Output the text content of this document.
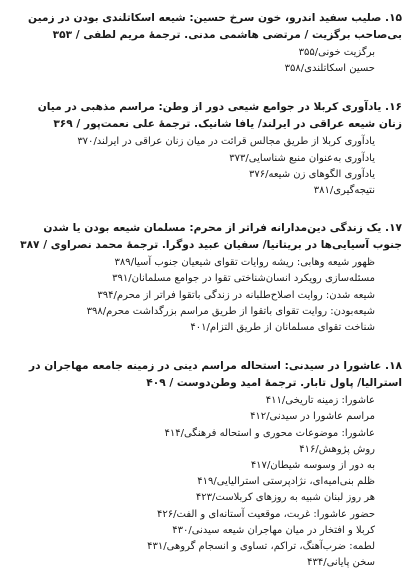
۱۵. صلیب سفید اندرو، خون سرخ حسین: شیعه اسکاتلندی بودن در زمین بی‌صاحب برگزیت / مرتضی هاشمی مدنی. ترجمهٔ مریم لطفی / ۳۵۳

برگزیت خونی/۳۵۵
حسین اسکاتلندی/۳۵۸

۱۶. یادآوری کربلا در جوامع شیعی دور از وطن: مراسم مذهبی در میان زنان شیعه عراقی در ایرلند/ یافا شانیک. ترجمهٔ علی نعمت‌پور / ۳۶۹

یادآوری کربلا از طریق مجالس قرائت در میان زنان عراقی در ایرلند/۳۷۰
یادآوری به‌عنوان منبع شناسایی/۳۷۳
یادآوری الگوهای زن شیعه/۳۷۶
نتیجه‌گیری/۳۸۱

۱۷. یک زندگی دین‌مدارانه فراتر از محرم: مسلمان شیعه بودن یا شدن جنوب آسیایی‌ها در بریتانیا/ سفیان عبید دوگرا. ترجمهٔ محمد نصراوی / ۳۸۷

ظهور شیعه وهابی: ریشه روایات تقوای شیعیان جنوب آسیا/۳۸۹
مسئله‌سازی رویکرد انسان‌شناختی تقوا در جوامع مسلمانان/۳۹۱
شیعه شدن: روایت اصلاح‌طلبانه در زندگی باتقوا فراتر از محرم/۳۹۴
شیعه‌بودن: روایت تقوای باتقوا از طریق مراسم بزرگداشت محرم/۳۹۸
شناخت تقوای مسلمانان از طریق التزام/۴۰۱

۱۸. عاشورا در سیدنی: استحاله مراسم دینی در زمینه جامعه مهاجران در استرالیا/ پاول تابار. ترجمهٔ امید وطن‌دوست / ۴۰۹

عاشورا: زمینه تاریخی/۴۱۱
مراسم عاشورا در سیدنی/۴۱۲
عاشورا: موضوعات محوری و استحاله فرهنگی/۴۱۴
روش پژوهش/۴۱۶
به دور از وسوسه شیطان/۴۱۷
ظلم بنی‌امیه‌ای، نژادپرستی استرالیایی/۴۱۹
هر روز لبنان شبیه به روزهای کربلاست/۴۲۳
حضور عاشورا: غربت، موقعیت آستانه‌ای و الفت/۴۲۶
کربلا و افتخار در میان مهاجران شیعه سیدنی/۴۳۰
لطمه: ضرب‌آهنگ، تراکم، تساوی و انسجام گروهی/۴۳۱
سخن پایانی/۴۳۴
